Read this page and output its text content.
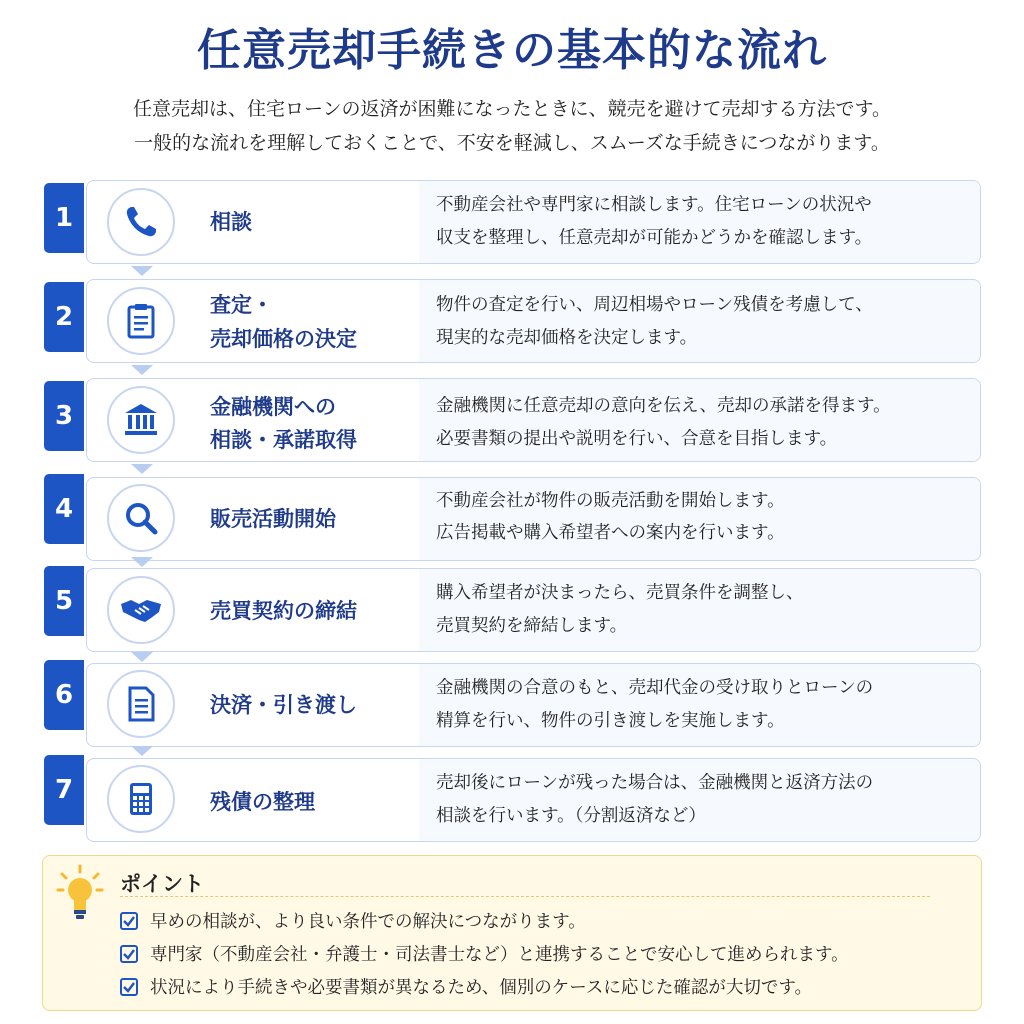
任意売却手続きの基本的な流れ
任意売却は、住宅ローンの返済が困難になったときに、競売を避けて売却する方法です。
一般的な流れを理解しておくことで、不安を軽減し、スムーズな手続きにつながります。
1	相談
不動産会社や専門家に相談します。住宅ローンの状況や
収支を整理し、任意売却が可能かどうかを確認します。
2	査定・
売却価格の決定
物件の査定を行い、周辺相場やローン残債を考慮して、
現実的な売却価格を決定します。
3	金融機関への
相談・承諾取得
金融機関に任意売却の意向を伝え、売却の承諾を得ます。
必要書類の提出や説明を行い、合意を目指します。
4	販売活動開始
不動産会社が物件の販売活動を開始します。
広告掲載や購入希望者への案内を行います。
5	売買契約の締結
購入希望者が決まったら、売買条件を調整し、
売買契約を締結します。
6	決済・引き渡し
金融機関の合意のもと、売却代金の受け取りとローンの
精算を行い、物件の引き渡しを実施します。
7	残債の整理
売却後にローンが残った場合は、金融機関と返済方法の
相談を行います。（分割返済など）
ポイント
早めの相談が、より良い条件での解決につながります。
専門家（不動産会社・弁護士・司法書士など）と連携することで安心して進められます。
状況により手続きや必要書類が異なるため、個別のケースに応じた確認が大切です。
